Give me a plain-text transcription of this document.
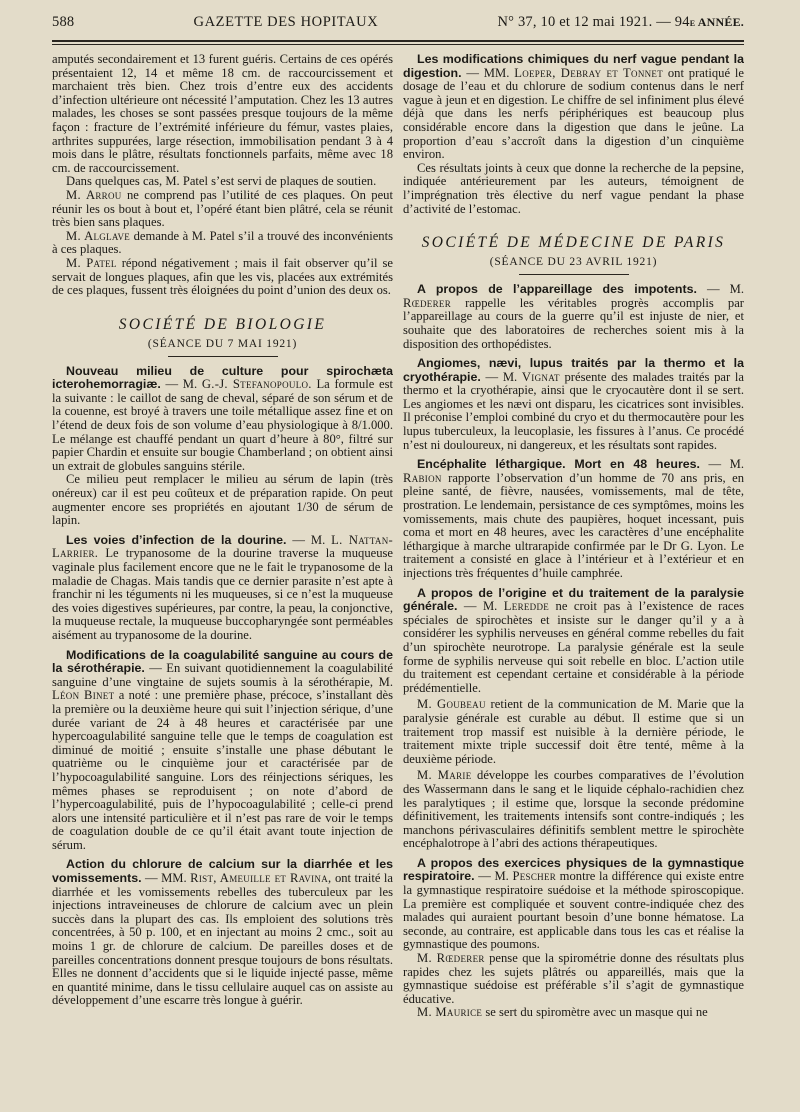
588	GAZETTE DES HOPITAUX	N° 37, 10 et 12 mai 1921. — 94e ANNÉE.

amputés secondairement et 13 furent guéris. Certains de ces opérés présentaient 12, 14 et même 18 cm. de raccourcissement et marchaient très bien. Chez trois d’entre eux des accidents d’infection ultérieure ont nécessité l’amputation. Chez les 13 autres malades, les choses se sont passées presque toujours de la même façon : fracture de l’extrémité inférieure du fémur, vastes plaies, arthrites suppurées, large résection, immobilisation pendant 3 à 4 mois dans le plâtre, résultats fonctionnels parfaits, même avec 18 cm. de raccourcissement.

Dans quelques cas, M. Patel s’est servi de plaques de soutien.

M. Arrou ne comprend pas l’utilité de ces plaques. On peut réunir les os bout à bout et, l’opéré étant bien plâtré, cela se réunit très bien sans plaques.

M. Alglave demande à M. Patel s’il a trouvé des inconvénients à ces plaques.

M. Patel répond négativement ; mais il fait observer qu’il se servait de longues plaques, afin que les vis, placées aux extrémités de ces plaques, fussent très éloignées du point d’union des deux os.

SOCIÉTÉ DE BIOLOGIE
(SÉANCE DU 7 MAI 1921)

Nouveau milieu de culture pour spirochæta icterohemorragiæ. — M. G.-J. Stefanopoulo. La formule est la suivante : le caillot de sang de cheval, séparé de son sérum et de la couenne, est broyé à travers une toile métallique assez fine et on l’étend de deux fois de son volume d’eau physiologique à 8/1.000. Le mélange est chauffé pendant un quart d’heure à 80°, filtré sur papier Chardin et ensuite sur bougie Chamberland ; on obtient ainsi un extrait de globules sanguins stérile.

Ce milieu peut remplacer le milieu au sérum de lapin (très onéreux) car il est peu coûteux et de préparation rapide. On peut augmenter encore ses propriétés en ajoutant 1/30 de sérum de lapin.

Les voies d’infection de la dourine. — M. L. Nattan-Larrier. Le trypanosome de la dourine traverse la muqueuse vaginale plus facilement encore que ne le fait le trypanosome de la maladie de Chagas. Mais tandis que ce dernier parasite n’est apte à franchir ni les téguments ni les muqueuses, si ce n’est la muqueuse des voies digestives supérieures, par contre, la peau, la conjonctive, la muqueuse rectale, la muqueuse buccopharyngée sont perméables aisément au trypanosome de la dourine.

Modifications de la coagulabilité sanguine au cours de la sérothérapie. — En suivant quotidiennement la coagulabilité sanguine d’une vingtaine de sujets soumis à la sérothérapie, M. Léon Binet a noté : une première phase, précoce, s’installant dès la première ou la deuxième heure qui suit l’injection sérique, d’une durée variant de 24 à 48 heures et caractérisée par une hypercoagulabilité sanguine telle que le temps de coagulation est diminué de moitié ; ensuite s’installe une phase débutant le quatrième ou le cinquième jour et caractérisée par de l’hypocoagulabilité sanguine. Lors des réinjections sériques, les mêmes phases se reproduisent ; on note d’abord de l’hypercoagulabilité, puis de l’hypocoagulabilité ; celle-ci prend alors une intensité particulière et il n’est pas rare de voir le temps de coagulation double de ce qu’il était avant toute injection de sérum.

Action du chlorure de calcium sur la diarrhée et les vomissements. — MM. Rist, Ameuille et Ravina, ont traité la diarrhée et les vomissements rebelles des tuberculeux par les injections intraveineuses de chlorure de calcium avec un plein succès dans la plupart des cas. Ils emploient des solutions très concentrées, à 50 p. 100, et en injectant au moins 2 cmc., soit au moins 1 gr. de chlorure de calcium. De pareilles doses et de pareilles concentrations donnent presque toujours de bons résultats. Elles ne donnent d’accidents que si le liquide injecté passe, même en quantité minime, dans le tissu cellulaire auquel cas on assiste au développement d’une escarre très longue à guérir.

Les modifications chimiques du nerf vague pendant la digestion. — MM. Loeper, Debray et Tonnet ont pratiqué le dosage de l’eau et du chlorure de sodium contenus dans le nerf vague à jeun et en digestion. Le chiffre de sel infiniment plus élevé déjà que dans les nerfs périphériques est beaucoup plus considérable encore dans la digestion que dans le jeûne. La proportion d’eau s’accroît dans la digestion d’un cinquième environ.

Ces résultats joints à ceux que donne la recherche de la pepsine, indiquée antérieurement par les auteurs, témoignent de l’imprégnation très élective du nerf vague pendant la phase d’activité de l’estomac.

SOCIÉTÉ DE MÉDECINE DE PARIS
(SÉANCE DU 23 AVRIL 1921)

A propos de l’appareillage des impotents. — M. Rœderer rappelle les véritables progrès accomplis par l’appareillage au cours de la guerre qu’il est injuste de nier, et souhaite que des laboratoires de recherches soient mis à la disposition des orthopédistes.

Angiomes, nævi, lupus traités par la thermo et la cryothérapie. — M. Vignat présente des malades traités par la thermo et la cryothérapie, ainsi que le cryocautère dont il se sert. Les angiomes et les nævi ont disparu, les cicatrices sont invisibles. Il préconise l’emploi combiné du cryo et du thermocautère pour les lupus tuberculeux, la leucoplasie, les fissures à l’anus. Ce procédé n’est ni douloureux, ni dangereux, et les résultats sont rapides.

Encéphalite léthargique. Mort en 48 heures. — M. Rabion rapporte l’observation d’un homme de 70 ans pris, en pleine santé, de fièvre, nausées, vomissements, mal de tête, prostration. Le lendemain, persistance de ces symptômes, moins les vomissements, mais chute des paupières, hoquet incessant, puis coma et mort en 48 heures, avec les caractères d’une encéphalite léthargique à marche ultrarapide confirmée par le Dr G. Lyon. Le traitement a consisté en glace à l’intérieur et à l’extérieur et en injections très fréquentes d’huile camphrée.

A propos de l’origine et du traitement de la paralysie générale. — M. Leredde ne croit pas à l’existence de races spéciales de spirochètes et insiste sur le danger qu’il y a à considérer les syphilis nerveuses en général comme rebelles du fait d’un spirochète neurotrope. La paralysie générale est la seule forme de syphilis nerveuse qui soit rebelle en bloc. L’action utile du traitement est cependant certaine et considérable à la période prédémentielle.

M. Goubeau retient de la communication de M. Marie que la paralysie générale est curable au début. Il estime que si un traitement trop massif est nuisible à la dernière période, le traitement mixte triple successif doit être tenté, même à la deuxième période.

M. Marie développe les courbes comparatives de l’évolution des Wassermann dans le sang et le liquide céphalo-rachidien chez les paralytiques ; il estime que, lorsque la seconde prédomine définitivement, les traitements intensifs sont contre-indiqués ; les manchons périvasculaires définitifs semblent mettre le spirochète encéphalotrope à l’abri des actions thérapeutiques.

A propos des exercices physiques de la gymnastique respiratoire. — M. Pescher montre la différence qui existe entre la gymnastique respiratoire suédoise et la méthode spiroscopique. La première est compliquée et souvent contre-indiquée chez des malades qui auraient pourtant besoin d’une bonne hématose. La seconde, au contraire, est applicable dans tous les cas et réalise la gymnastique des poumons.

M. Rœderer pense que la spirométrie donne des résultats plus rapides chez les sujets plâtrés ou appareillés, mais que la gymnastique suédoise est préférable s’il s’agit de gymnastique éducative.

M. Maurice se sert du spiromètre avec un masque qui ne
